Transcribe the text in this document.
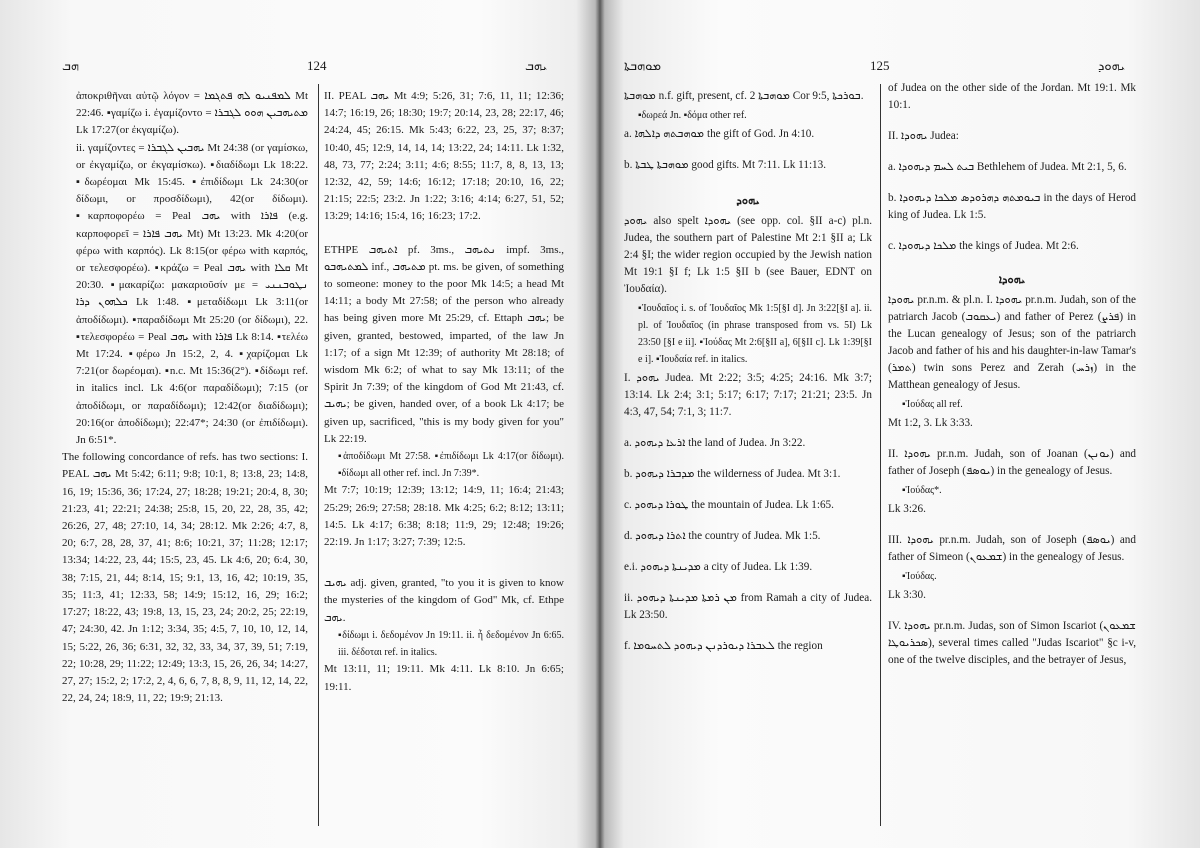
ܗܒ	124	ܝܗܒ

ἀποκριθῆναι αὐτῷ λόγον = ܠܡܦܢܝܘ ܠܗ ܦܬܓܡܐ Mt 22:46. ▪γαμίζω i. ἐγαμίζοντο = ܡܬܝܗܒܝܢ ܗܘܘ ܠܓܒܪܐ Lk 17:27(or ἐκγαμίζω).

ii. γαμίζοντες = ܝܗܒܝܢ ܠܓܒܪܐ Mt 24:38 (or γαμίσκω, or ἐκγαμίζω, or ἐκγαμίσκω). ▪διαδίδωμι Lk 18:22. ▪δωρέομαι Mk 15:45. ▪ἐπιδίδωμι Lk 24:30(or δίδωμι, or προσδίδωμι), 42(or δίδωμι). ▪καρποφορέω = Peal ܝܗܒ with ܦܐܪܐ (e.g. καρποφορεῖ = ܝܗܒ ܦܐܪܐ Mt) Mt 13:23. Mk 4:20(or φέρω with καρπός). Lk 8:15(or φέρω with καρπός, or τελεσφορέω). ▪κράζω = Peal ܝܗܒ with ܩܠܐ Mt 20:30. ▪μακαρίζω: μακαριοῦσίν με = ܢܛܘܒܢܢܝ ܟܠܗܘܢ ܕܪܐ Lk 1:48. ▪μεταδίδωμι Lk 3:11(or ἀποδίδωμι). ▪παραδίδωμι Mt 25:20 (or δίδωμι), 22. ▪τελεσφορέω = Peal ܝܗܒ with ܦܐܪܐ Lk 8:14. ▪τελέω Mt 17:24. ▪φέρω Jn 15:2, 2, 4. ▪χαρίζομαι Lk 7:21(or δωρέομαι). ▪n.c. Mt 15:36(2°). ▪δίδωμι ref. in italics incl. Lk 4:6(or παραδίδωμι); 7:15 (or ἀποδίδωμι, or παραδίδωμι); 12:42(or διαδίδωμι); 20:16(or ἀποδίδωμι); 22:47*; 24:30 (or ἐπιδίδωμι). Jn 6:51*.

The following concordance of refs. has two sections: I. PEAL ܝܗܒ Mt 5:42; 6:11; 9:8; 10:1, 8; 13:8, 23; 14:8, 16, 19; 15:36, 36; 17:24, 27; 18:28; 19:21; 20:4, 8, 30; 21:23, 41; 22:21; 24:38; 25:8, 15, 20, 22, 28, 35, 42; 26:26, 27, 48; 27:10, 14, 34; 28:12. Mk 2:26; 4:7, 8, 20; 6:7, 28, 28, 37, 41; 8:6; 10:21, 37; 11:28; 12:17; 13:34; 14:22, 23, 44; 15:5, 23, 45. Lk 4:6, 20; 6:4, 30, 38; 7:15, 21, 44; 8:14, 15; 9:1, 13, 16, 42; 10:19, 35, 35; 11:3, 41; 12:33, 58; 14:9; 15:12, 16, 29; 16:2; 17:27; 18:22, 43; 19:8, 13, 15, 23, 24; 20:2, 25; 22:19, 47; 24:30, 42. Jn 1:12; 3:34, 35; 4:5, 7, 10, 10, 12, 14, 15; 5:22, 26, 36; 6:31, 32, 32, 33, 34, 37, 39, 51; 7:19, 22; 10:28, 29; 11:22; 12:49; 13:3, 15, 26, 26, 34; 14:27, 27, 27; 15:2, 2; 17:2, 2, 4, 6, 6, 7, 8, 8, 9, 11, 12, 14, 22, 22, 24, 24; 18:9, 11, 22; 19:9; 21:13.

II. PEAL ܝܗܒ Mt 4:9; 5:26, 31; 7:6, 11, 11; 12:36; 14:7; 16:19, 26; 18:30; 19:7; 20:14, 23, 28; 22:17, 46; 24:24, 45; 26:15. Mk 5:43; 6:22, 23, 25, 37; 8:37; 10:40, 45; 12:9, 14, 14, 14; 13:22, 24; 14:11. Lk 1:32, 48, 73, 77; 2:24; 3:11; 4:6; 8:55; 11:7, 8, 8, 13, 13; 12:32, 42, 59; 14:6; 16:12; 17:18; 20:10, 16, 22; 21:15; 22:5; 23:2. Jn 1:22; 3:16; 4:14; 6:27, 51, 52; 13:29; 14:16; 15:4, 16; 16:23; 17:2.

ETHPE ܐܬܝܗܒ pf. 3ms., ܢܬܝܗܒ impf. 3ms., ܠܡܬܝܗܒܘ inf., ܡܬܝܗܒ pt. ms. be given, of something to someone: money to the poor Mk 14:5; a head Mt 14:11; a body Mt 27:58; of the person who already has being given more Mt 25:29, cf. Ettaph ܝܗܒ; be given, granted, bestowed, imparted, of the law Jn 1:17; of a sign Mt 12:39; of authority Mt 28:18; of wisdom Mk 6:2; of what to say Mk 13:11; of the Spirit Jn 7:39; of the kingdom of God Mt 21:43, cf. ܝܗܝܒ; be given, handed over, of a book Lk 4:17; be given up, sacrificed, "this is my body given for you" Lk 22:19.

▪ἀποδίδωμι Mt 27:58. ▪ἐπιδίδωμι Lk 4:17(or δίδωμι). ▪δίδωμι all other ref. incl. Jn 7:39*.

Mt 7:7; 10:19; 12:39; 13:12; 14:9, 11; 16:4; 21:43; 25:29; 26:9; 27:58; 28:18. Mk 4:25; 6:2; 8:12; 13:11; 14:5. Lk 4:17; 6:38; 8:18; 11:9, 29; 12:48; 19:26; 22:19. Jn 1:17; 3:27; 7:39; 12:5.

ܝܗܝܒ adj. given, granted, "to you it is given to know the mysteries of the kingdom of God" Mk, cf. Ethpe ܝܗܒ.

▪δίδωμι i. δεδομένον Jn 19:11. ii. ἦ δεδομένον Jn 6:65. iii. δέδοται ref. in italics.

Mt 13:11, 11; 19:11. Mk 4:11. Lk 8:10. Jn 6:65; 19:11.

ܡܘܗܒܬܐ	125	ܝܗܘܕ

ܡܘܗܒܬܐ n.f. gift, present, cf. ܡܘܗܒܬܐ 2 Cor 9:5, ܒܘܪܟܬܐ.

▪δωρεά Jn. ▪δόμα other ref.

a. ܡܘܗܒܬܗ ܕܐܠܗܐ the gift of God. Jn 4:10.

b. ܡܘܗܒܬܐ ܛܒܬܐ good gifts. Mt 7:11. Lk 11:13.

ܝܗܘܕ

ܝܗܘܕ also spelt ܝܗܘܕܐ (see opp. col. §II a-c) pl.n. Judea, the southern part of Palestine Mt 2:1 §II a; Lk 2:4 §I; the wider region occupied by the Jewish nation Mt 19:1 §I f; Lk 1:5 §II b (see Bauer, EDNT on Ἰουδαία).

▪Ἰουδαῖος i. s. of Ἰουδαῖος Mk 1:5[§I d]. Jn 3:22[§I a]. ii. pl. of Ἰουδαῖος (in phrase transposed from vs. 5I) Lk 23:50 [§I e ii]. ▪Ἰούδας Mt 2:6[§II a], 6[§II c]. Lk 1:39[§I e i]. ▪Ἰουδαία ref. in italics.

I. ܝܗܘܕ Judea. Mt 2:22; 3:5; 4:25; 24:16. Mk 3:7; 13:14. Lk 2:4; 3:1; 5:17; 6:17; 7:17; 21:21; 23:5. Jn 4:3, 47, 54; 7:1, 3; 11:7.

a. ܐܪܥܐ ܕܝܗܘܕ the land of Judea. Jn 3:22.

b. ܡܕܒܪܐ ܕܝܗܘܕ the wilderness of Judea. Mt 3:1.

c. ܛܘܪܐ ܕܝܗܘܕ the mountain of Judea. Lk 1:65.

d. ܐܬܪܐ ܕܝܗܘܕ the country of Judea. Mk 1:5.

e.i. ܡܕܝܢܬܐ ܕܝܗܘܕ a city of Judea. Lk 1:39.

ii. ܡܢ ܪܡܬܐ ܡܕܝܢܬܐ ܕܝܗܘܕ from Ramah a city of Judea. Lk 23:50.

f. ܠܥܒܪܐ ܕܝܘܪܕܢܢ ܕܝܗܘܕ ܠܬܚܘܡܐ the region

of Judea on the other side of the Jordan. Mt 19:1. Mk 10:1.

II. ܝܗܘܕܐ Judea:

a. ܒܝܬ ܠܚܡ ܕܝܗܘܕܐ Bethlehem of Judea. Mt 2:1, 5, 6.

b. ܒܝܘܡܬܗ ܕܗܪܘܕܣ ܡܠܟܐ ܕܝܗܘܕܐ in the days of Herod king of Judea. Lk 1:5.

c. ܡܠܟܐ ܕܝܗܘܕܐ the kings of Judea. Mt 2:6.

ܝܗܘܕܐ

ܝܗܘܕܐ pr.n.m. & pl.n. I. ܝܗܘܕܐ pr.n.m. Judah, son of the patriarch Jacob (ܝܥܩܘܒ) and father of Perez (ܦܪܨ) in the Lucan genealogy of Jesus; son of the patriarch Jacob and father of his and his daughter-in-law Tamar's (ܬܡܪ) twin sons Perez and Zerah (ܙܪܚ) in the Matthean genealogy of Jesus.

▪Ἰούδας all ref.

Mt 1:2, 3. Lk 3:33.

II. ܝܗܘܕܐ pr.n.m. Judah, son of Joanan (ܝܘܢܢ) and father of Joseph (ܝܘܣܦ) in the genealogy of Jesus.

▪Ἰούδας*.

Lk 3:26.

III. ܝܗܘܕܐ pr.n.m. Judah, son of Joseph (ܝܘܣܦ) and father of Simeon (ܫܡܥܘܢ) in the genealogy of Jesus.

▪Ἰούδας.

Lk 3:30.

IV. ܝܗܘܕܐ pr.n.m. Judas, son of Simon Iscariot (ܫܡܥܘܢ ܣܟܪܝܘܛܐ), several times called "Judas Iscariot" §c i-v, one of the twelve disciples, and the betrayer of Jesus,
